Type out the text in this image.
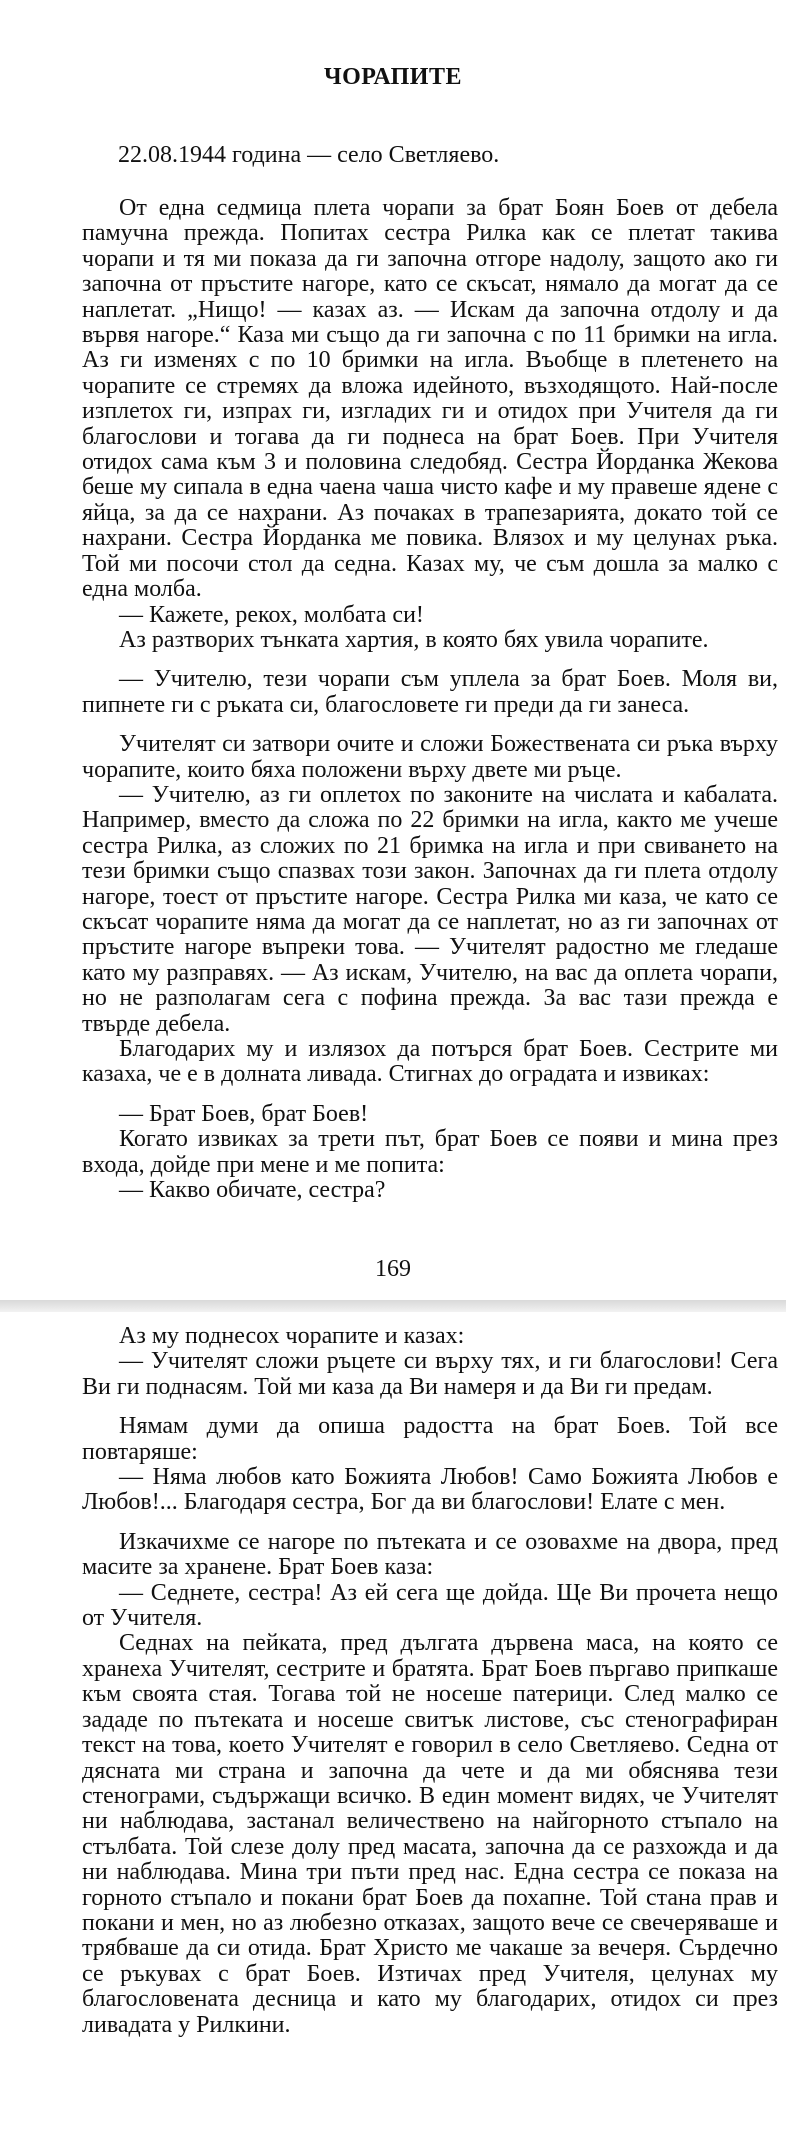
ЧОРАПИТЕ
22.08.1944 година — село Светляево.

От една седмица плета чорапи за брат Боян Боев от дебела памучна прежда. Попитах сестра Рилка как се плетат такива чорапи и тя ми показа да ги започна отгоре надолу, защото ако ги започна от пръстите нагоре, като се скъсат, нямало да могат да се наплетат. „Нищо! — казах аз. — Искам да започна отдолу и да вървя нагоре.“ Каза ми също да ги започна с по 11 бримки на игла. Аз ги изменях с по 10 бримки на игла. Въобще в плетенето на чорапите се стремях да вложа идейното, възходящото. Най-после изплетох ги, изпрах ги, изгладих ги и отидох при Учителя да ги благослови и тогава да ги поднеса на брат Боев. При Учителя отидох сама към 3 и половина следобяд. Сестра Йорданка Жекова беше му сипала в една чаена чаша чисто кафе и му правеше ядене с яйца, за да се нахрани. Аз почаках в трапезарията, докато той се нахрани. Сестра Йорданка ме повика. Влязох и му целунах ръка. Той ми посочи стол да седна. Казах му, че съм дошла за малко с една молба.

— Кажете, рекох, молбата си!

Аз разтворих тънката хартия, в която бях увила чорапите.

— Учителю, тези чорапи съм уплела за брат Боев. Моля ви, пипнете ги с ръката си, благословете ги преди да ги занеса.

Учителят си затвори очите и сложи Божествената си ръка върху чорапите, които бяха положени върху двете ми ръце.

— Учителю, аз ги оплетох по законите на числата и кабалата. Например, вместо да сложа по 22 бримки на игла, както ме учеше сестра Рилка, аз сложих по 21 бримка на игла и при свиването на тези бримки също спазвах този закон. Започнах да ги плета отдолу нагоре, тоест от пръстите нагоре. Сестра Рилка ми каза, че като се скъсат чорапите няма да могат да се наплетат, но аз ги започнах от пръстите нагоре въпреки това. — Учителят радостно ме гледаше като му разправях. — Аз искам, Учителю, на вас да оплета чорапи, но не разполагам сега с пофина прежда. За вас тази прежда е твърде дебела.

Благодарих му и излязох да потърся брат Боев. Сестрите ми казаха, че е в долната ливада. Стигнах до оградата и извиках:

— Брат Боев, брат Боев!

Когато извиках за трети път, брат Боев се появи и мина през входа, дойде при мене и ме попита:

— Какво обичате, сестра?

169

Аз му поднесох чорапите и казах:

— Учителят сложи ръцете си върху тях, и ги благослови! Сега Ви ги поднасям. Той ми каза да Ви намеря и да Ви ги предам.

Нямам думи да опиша радостта на брат Боев. Той все повтаряше:

— Няма любов като Божията Любов! Само Божията Любов е Любов!... Благодаря сестра, Бог да ви благослови! Елате с мен.

Изкачихме се нагоре по пътеката и се озовахме на двора, пред масите за хранене. Брат Боев каза:

— Седнете, сестра! Аз ей сега ще дойда. Ще Ви прочета нещо от Учителя.

Седнах на пейката, пред дългата дървена маса, на която се хранеха Учителят, сестрите и братята. Брат Боев пъргаво припкаше към своята стая. Тогава той не носеше патерици. След малко се зададе по пътеката и носеше свитък листове, със стенографиран текст на това, което Учителят е говорил в село Светляево. Седна от дясната ми страна и започна да чете и да ми обяснява тези стенограми, съдържащи всичко. В един момент видях, че Учителят ни наблюдава, застанал величествено на найгорното стъпало на стълбата. Той слезе долу пред масата, започна да се разхожда и да ни наблюдава. Мина три пъти пред нас. Една сестра се показа на горното стъпало и покани брат Боев да похапне. Той стана прав и покани и мен, но аз любезно отказах, защото вече се свечеряваше и трябваше да си отида. Брат Христо ме чакаше за вечеря. Сърдечно се ръкувах с брат Боев. Изтичах пред Учителя, целунах му благословената десница и като му благодарих, отидох си през ливадата у Рилкини.
